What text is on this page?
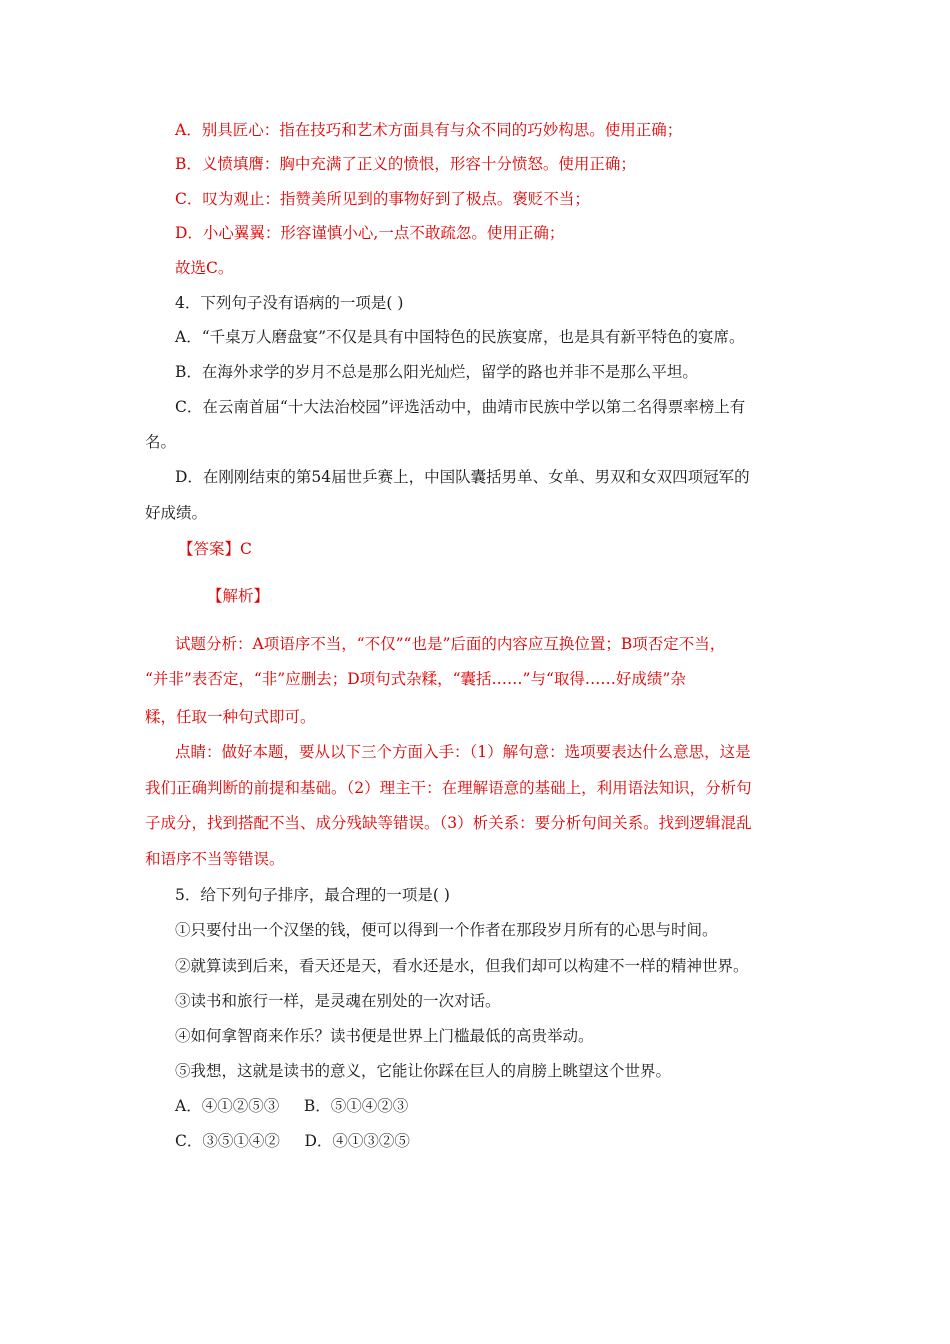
A．别具匠心：指在技巧和艺术方面具有与众不同的巧妙构思。使用正确；
B．义愤填膺：胸中充满了正义的愤恨，形容十分愤怒。使用正确；
C．叹为观止：指赞美所见到的事物好到了极点。褒贬不当；
D．小心翼翼：形容谨慎小心,一点不敢疏忽。使用正确；
故选C。
4．下列句子没有语病的一项是( )
A．“千桌万人磨盘宴”不仅是具有中国特色的民族宴席，也是具有新平特色的宴席。
B．在海外求学的岁月不总是那么阳光灿烂，留学的路也并非不是那么平坦。
C．在云南首届“十大法治校园”评选活动中，曲靖市民族中学以第二名得票率榜上有
名。
D．在刚刚结束的第54届世乒赛上，中国队囊括男单、女单、男双和女双四项冠军的
好成绩。
【答案】C
【解析】
试题分析：A项语序不当，“不仅”“也是”后面的内容应互换位置；B项否定不当，
“并非”表否定，“非”应删去；D项句式杂糅，“囊括……”与“取得……好成绩”杂
糅，任取一种句式即可。
点睛：做好本题，要从以下三个方面入手：（1）解句意：选项要表达什么意思，这是
我们正确判断的前提和基础。（2）理主干：在理解语意的基础上，利用语法知识，分析句
子成分，找到搭配不当、成分残缺等错误。（3）析关系：要分析句间关系。找到逻辑混乱
和语序不当等错误。
5．给下列句子排序，最合理的一项是( )
①只要付出一个汉堡的钱，便可以得到一个作者在那段岁月所有的心思与时间。
②就算读到后来，看天还是天，看水还是水，但我们却可以构建不一样的精神世界。
③读书和旅行一样，是灵魂在别处的一次对话。
④如何拿智商来作乐？读书便是世界上门槛最低的高贵举动。
⑤我想，这就是读书的意义，它能让你踩在巨人的肩膀上眺望这个世界。
A．④①②⑤③     B．⑤①④②③
C．③⑤①④②     D．④①③②⑤
